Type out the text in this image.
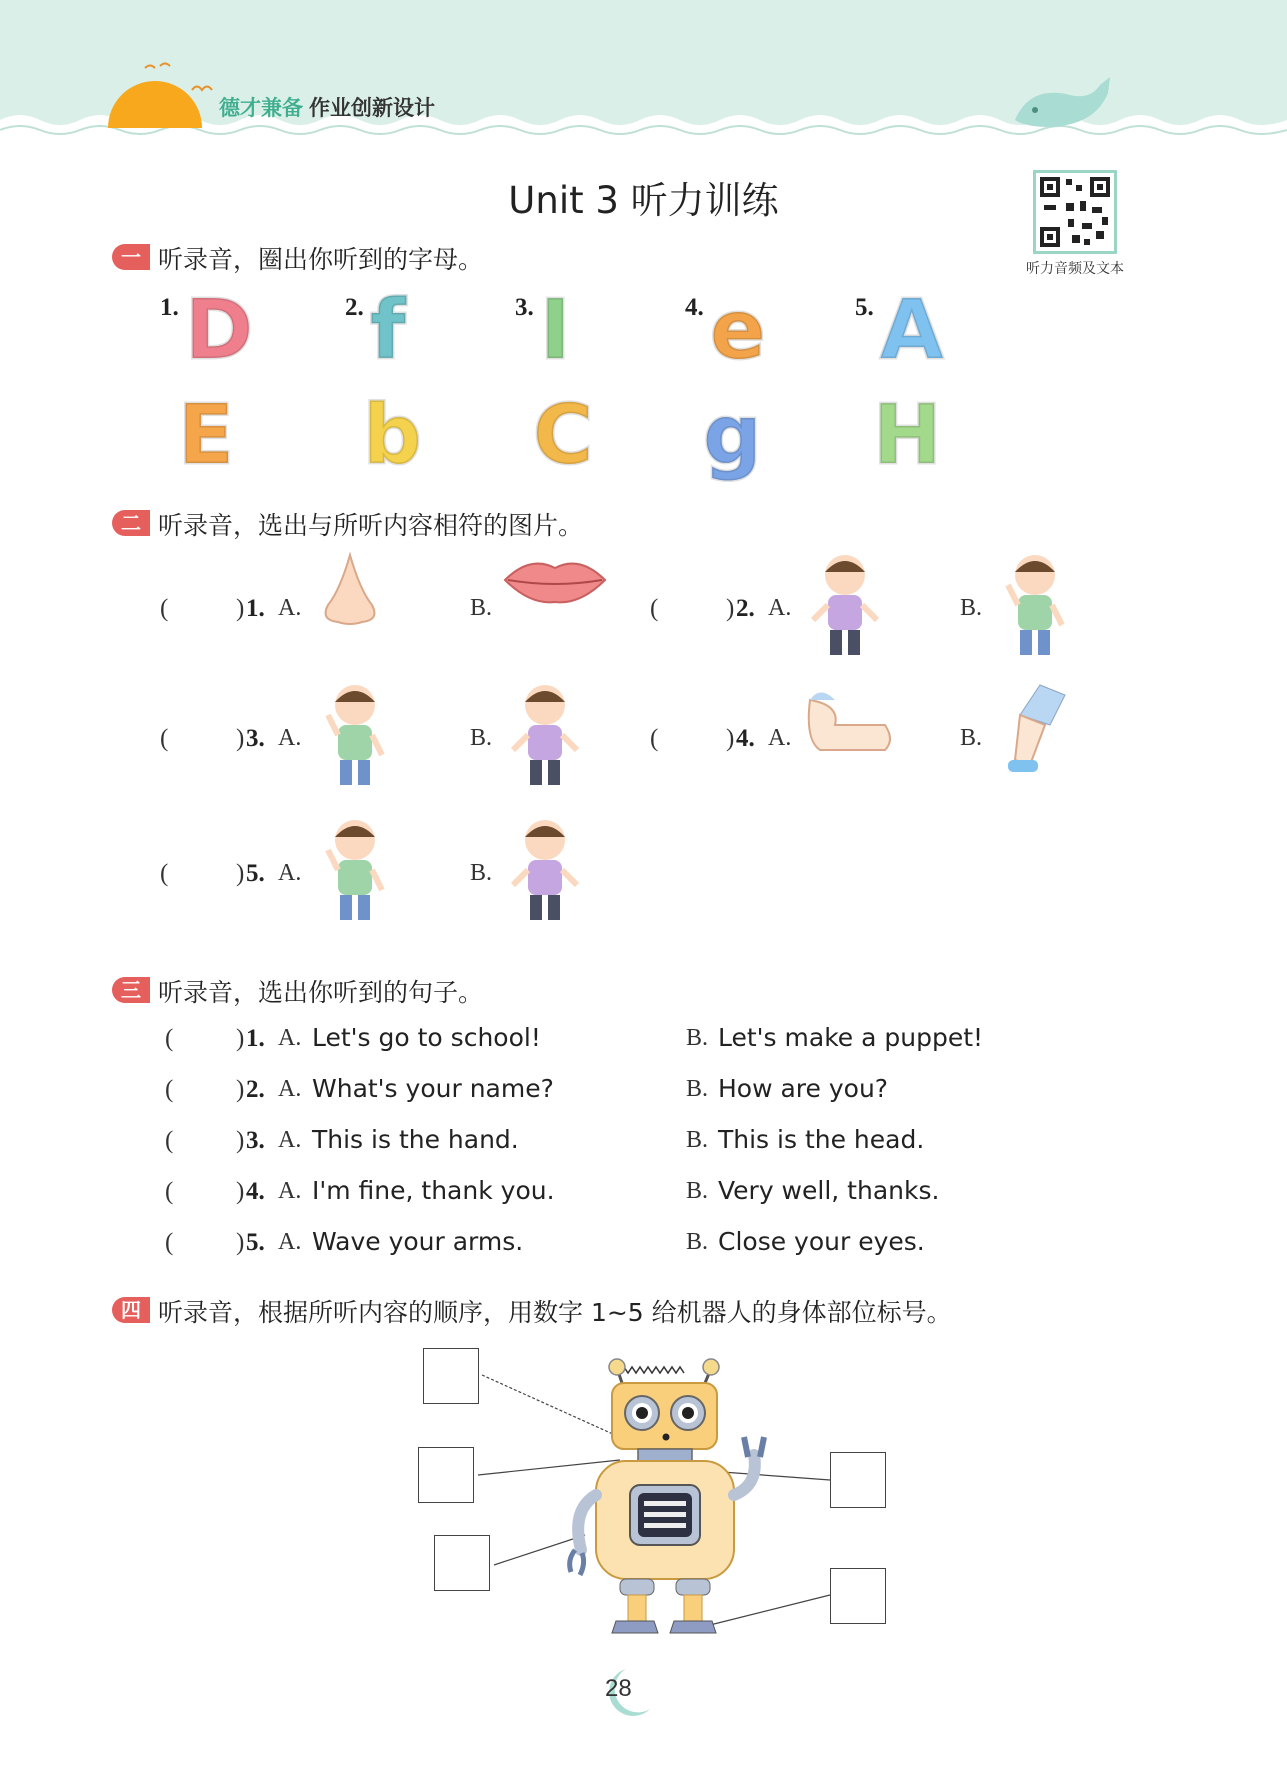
德才兼备 作业创新设计
Unit 3 听力训练
听力音频及文本
一 听录音，圈出你听到的字母。
1. D
E
2. f
b
3. I
C
4. e
g
5. A
H
二 听录音，选出与所听内容相符的图片。
(	) 1. A.	B.	(	) 2. A.	B.
(	) 3. A.	B.	(	) 4. A.	B.
(	) 5. A.	B.
三 听录音，选出你听到的句子。
(	) 1. A. Let's go to school!	B. Let's make a puppet!
(	) 2. A. What's your name?	B. How are you?
(	) 3. A. This is the hand.	B. This is the head.
(	) 4. A. I'm fine, thank you.	B. Very well, thanks.
(	) 5. A. Wave your arms.	B. Close your eyes.
四 听录音，根据所听内容的顺序，用数字 1~5 给机器人的身体部位标号。
28
